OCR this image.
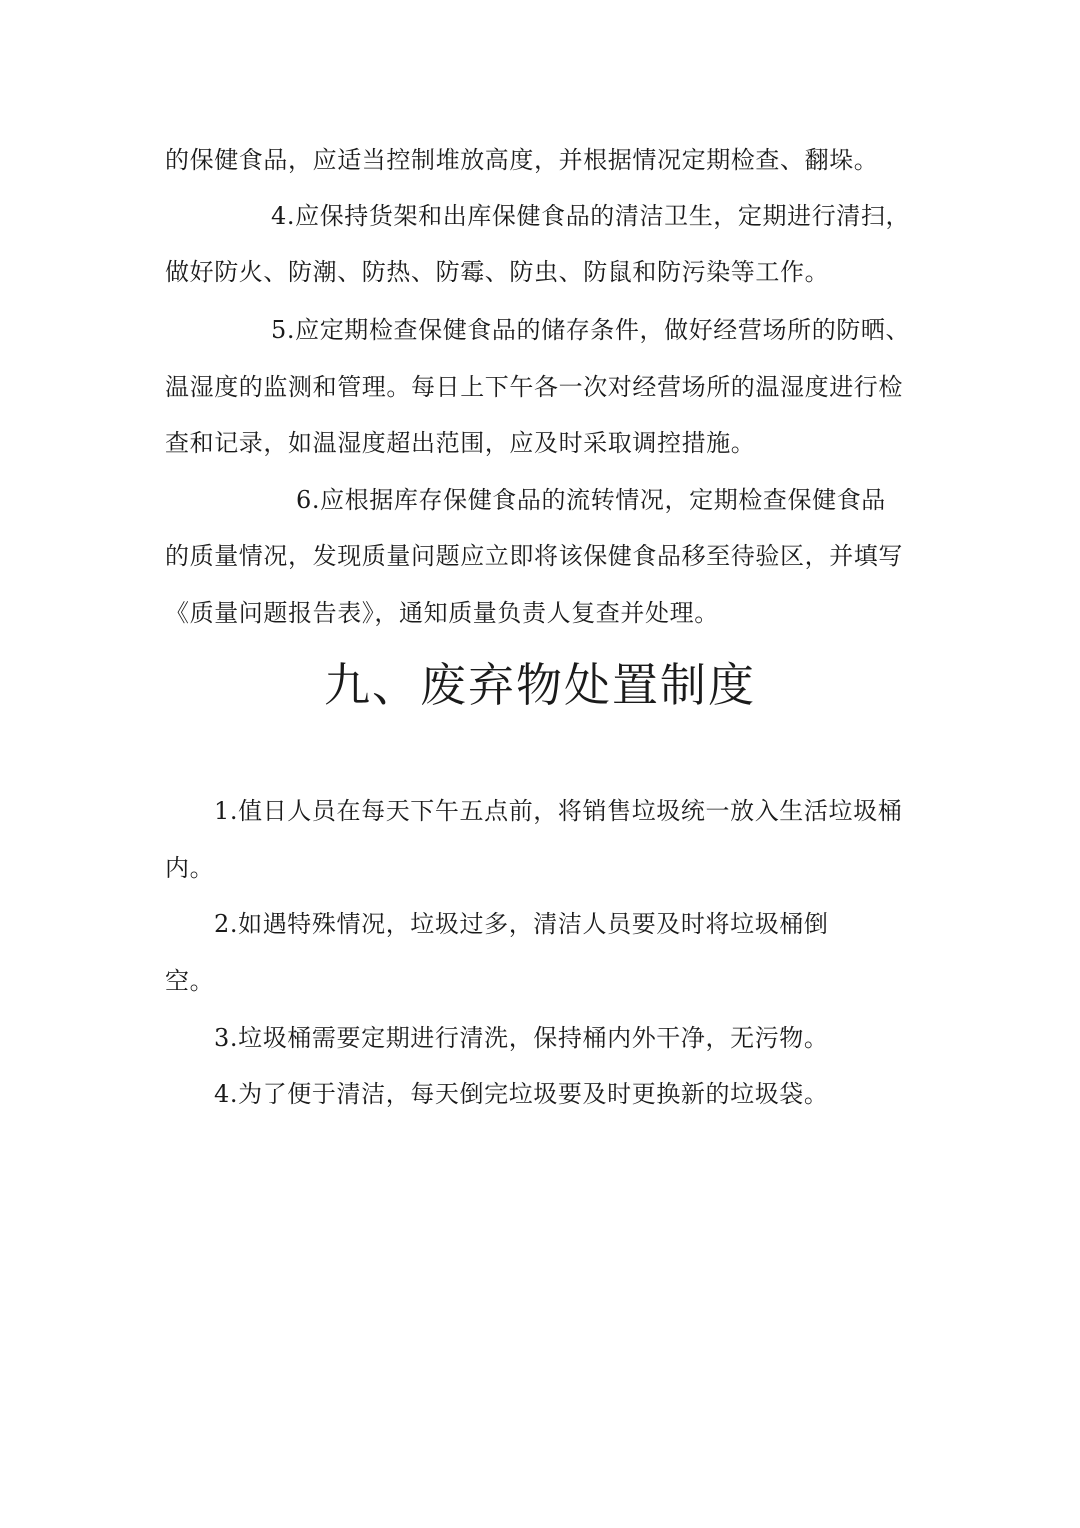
的保健食品，应适当控制堆放高度，并根据情况定期检查、翻垛。
4.应保持货架和出库保健食品的清洁卫生，定期进行清扫，
做好防火、防潮、防热、防霉、防虫、防鼠和防污染等工作。
5.应定期检查保健食品的储存条件，做好经营场所的防晒、
温湿度的监测和管理。每日上下午各一次对经营场所的温湿度进行检
查和记录，如温湿度超出范围，应及时采取调控措施。
6.应根据库存保健食品的流转情况，定期检查保健食品
的质量情况，发现质量问题应立即将该保健食品移至待验区，并填写
《质量问题报告表》，通知质量负责人复查并处理。
九、废弃物处置制度
1.值日人员在每天下午五点前，将销售垃圾统一放入生活垃圾桶
内。
2.如遇特殊情况，垃圾过多，清洁人员要及时将垃圾桶倒
空。
3.垃圾桶需要定期进行清洗，保持桶内外干净，无污物。
4.为了便于清洁，每天倒完垃圾要及时更换新的垃圾袋。
